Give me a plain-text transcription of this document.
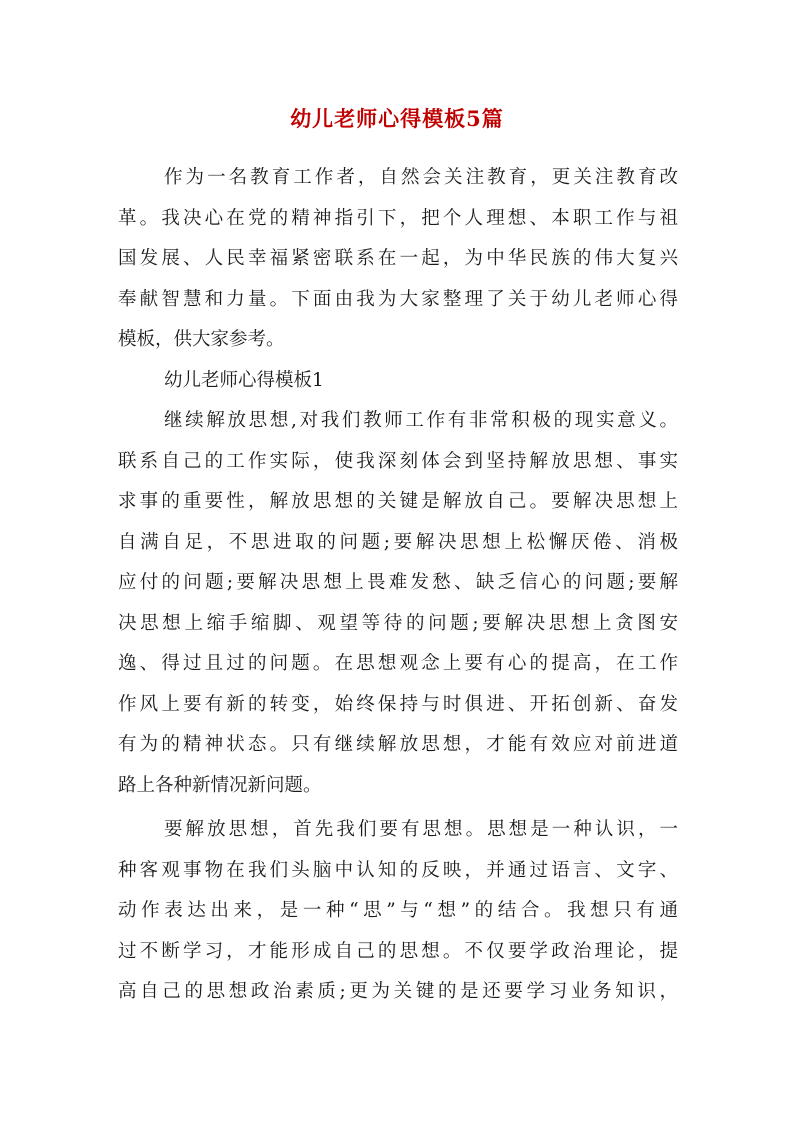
幼儿老师心得模板5篇
作为一名教育工作者，自然会关注教育，更关注教育改
革。我决心在党的精神指引下，把个人理想、本职工作与祖
国发展、人民幸福紧密联系在一起，为中华民族的伟大复兴
奉献智慧和力量。下面由我为大家整理了关于幼儿老师心得
模板，供大家参考。
幼儿老师心得模板1
继续解放思想,对我们教师工作有非常积极的现实意义。
联系自己的工作实际，使我深刻体会到坚持解放思想、事实
求事的重要性，解放思想的关键是解放自己。要解决思想上
自满自足，不思进取的问题;要解决思想上松懈厌倦、消极
应付的问题;要解决思想上畏难发愁、缺乏信心的问题;要解
决思想上缩手缩脚、观望等待的问题;要解决思想上贪图安
逸、得过且过的问题。在思想观念上要有心的提高，在工作
作风上要有新的转变，始终保持与时俱进、开拓创新、奋发
有为的精神状态。只有继续解放思想，才能有效应对前进道
路上各种新情况新问题。
要解放思想，首先我们要有思想。思想是一种认识，一
种客观事物在我们头脑中认知的反映，并通过语言、文字、
动作表达出来，是一种“思”与“想”的结合。我想只有通
过不断学习，才能形成自己的思想。不仅要学政治理论，提
高自己的思想政治素质;更为关键的是还要学习业务知识，
